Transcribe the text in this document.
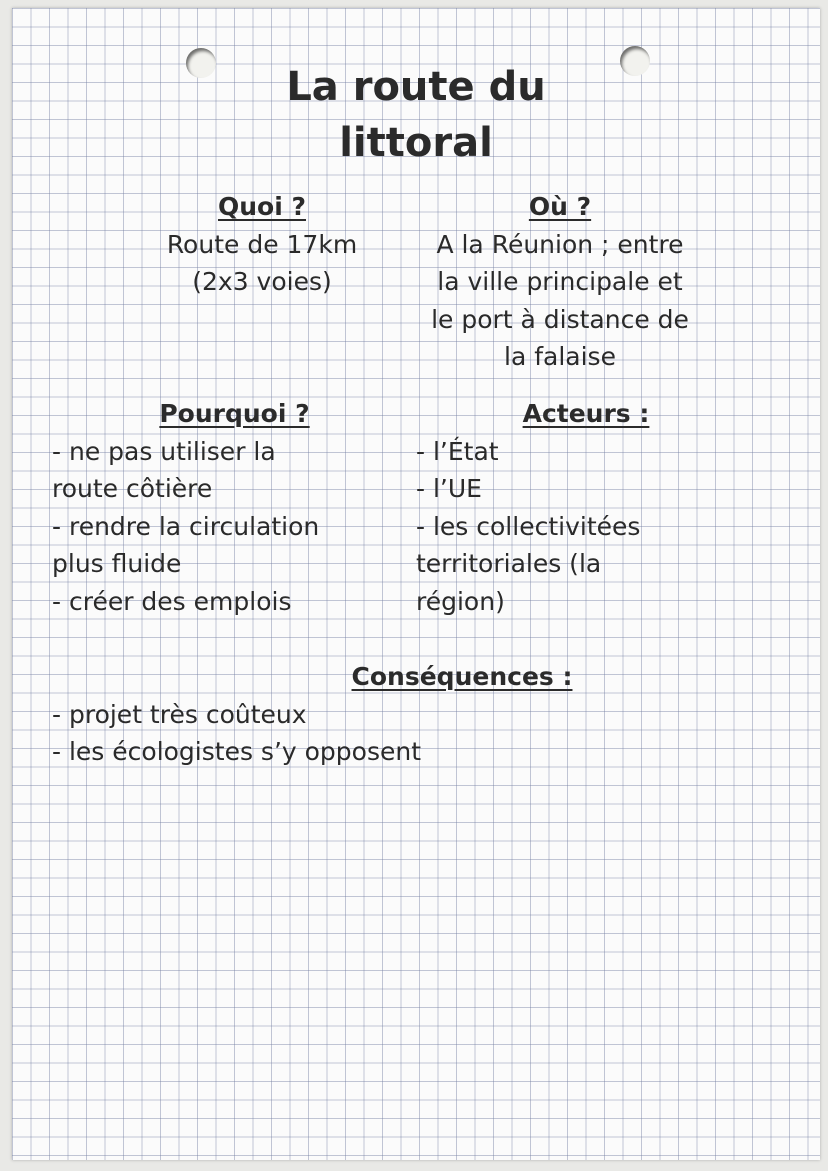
La route du
littoral
Quoi ?
Route de 17km
(2x3 voies)
Où ?
A la Réunion ; entre
la ville principale et
le port à distance de
la falaise
Pourquoi ?
- ne pas utiliser la
route côtière
- rendre la circulation
plus fluide
- créer des emplois
Acteurs :
- l’État
- l’UE
- les collectivitées
territoriales (la
région)
Conséquences :
- projet très coûteux
- les écologistes s’y opposent
